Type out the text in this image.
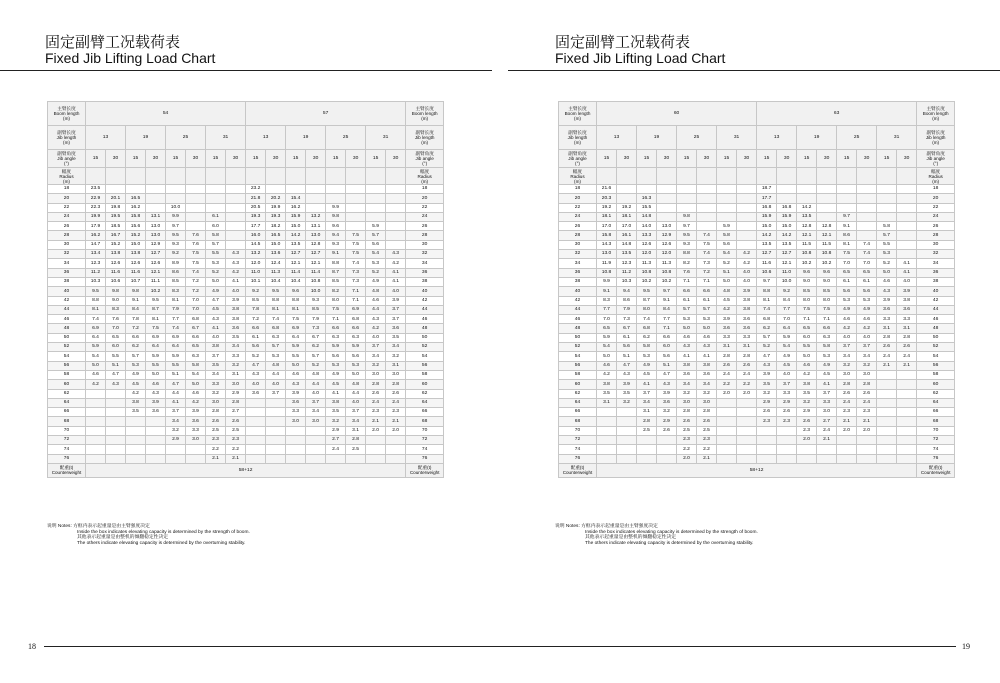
固定副臂工况载荷表
Fixed Jib Lifting Load Chart
主臂长度
Boom length
(m)	54								57								主臂长度
Boom length
(m)
副臂长度
Jib length
(m)	13		19		25		31		13		19		25		31		副臂长度
Jib length
(m)
副臂角度
Jib angle
(°)	15	30	15	30	15	30	15	30	15	30	15	30	15	30	15	30	副臂角度
Jib angle
(°)
幅度
Radius
(m)																	幅度
Radius
(m)
18	23.5								23.2								18
20	22.9	20.1	16.5						21.8	20.2	15.4						20
22	22.3	19.8	16.2		10.0				20.5	19.9	16.2		9.9				22
24	19.9	19.5	15.8	13.1	9.9		6.1		19.3	19.3	15.9	13.2	9.8				24
26	17.9	18.5	15.6	13.0	9.7		6.0		17.7	18.2	15.0	13.1	9.6		5.9		26
28	16.2	16.7	15.2	13.0	9.5	7.6	5.8		16.0	16.5	14.2	13.0	9.4	7.5	5.7		28
30	14.7	15.2	15.0	12.9	9.3	7.6	5.7		14.5	15.0	13.5	12.8	9.3	7.5	5.6		30
32	13.4	13.8	13.8	12.7	9.2	7.5	5.5	4.3	13.2	13.6	12.7	12.7	9.1	7.5	5.4	4.3	32
34	12.3	12.6	12.6	12.6	8.9	7.5	5.3	4.3	12.0	12.4	12.1	12.1	8.8	7.4	5.3	4.2	34
36	11.2	11.6	11.6	12.1	8.6	7.4	5.2	4.2	11.0	11.3	11.4	11.4	8.7	7.3	5.2	4.1	36
38	10.3	10.6	10.7	11.1	8.5	7.2	5.0	4.1	10.1	10.4	10.4	10.8	8.5	7.3	4.9	4.1	38
40	9.5	9.8	9.8	10.2	8.3	7.2	4.9	4.0	9.2	9.5	9.6	10.0	8.2	7.1	4.8	4.0	40
42	8.8	9.0	9.1	9.5	8.1	7.0	4.7	3.9	8.5	8.8	8.8	9.3	8.0	7.1	4.6	3.9	42
44	8.1	8.3	8.4	8.7	7.9	7.0	4.5	3.8	7.8	8.1	8.1	8.5	7.5	6.9	4.4	3.7	44
46	7.4	7.6	7.8	8.1	7.7	6.8	4.3	3.8	7.2	7.4	7.5	7.9	7.1	6.8	4.3	3.7	46
48	6.9	7.0	7.2	7.5	7.4	6.7	4.1	3.6	6.6	6.8	6.9	7.3	6.6	6.6	4.2	3.6	48
50	6.4	6.5	6.6	6.9	6.9	6.6	4.0	3.5	6.1	6.3	6.4	6.7	6.3	6.3	4.0	3.5	50
52	5.9	6.0	6.2	6.4	6.4	6.5	3.8	3.4	5.6	5.7	5.9	6.2	5.9	5.9	3.7	3.4	52
54	5.4	5.5	5.7	5.9	5.9	6.3	3.7	3.3	5.2	5.3	5.5	5.7	5.6	5.6	3.4	3.2	54
56	5.0	5.1	5.3	5.5	5.5	5.8	3.5	3.2	4.7	4.8	5.0	5.2	5.3	5.3	3.2	3.1	56
58	4.6	4.7	4.9	5.0	5.1	5.4	3.4	3.1	4.3	4.4	4.6	4.8	4.9	5.0	3.0	3.0	58
60	4.2	4.3	4.5	4.6	4.7	5.0	3.3	3.0	4.0	4.0	4.3	4.4	4.5	4.8	2.8	2.8	60
62			4.2	4.3	4.4	4.6	3.2	2.9	3.6	3.7	3.9	4.0	4.1	4.4	2.6	2.6	62
64			3.8	3.9	4.1	4.2	3.0	2.8			3.6	3.7	3.8	4.0	2.4	2.4	64
66			3.5	3.6	3.7	3.9	2.8	2.7			3.3	3.4	3.5	3.7	2.3	2.3	66
68					3.4	3.6	2.6	2.6			3.0	3.0	3.2	3.4	2.1	2.1	68
70					3.2	3.3	2.5	2.5					2.9	3.1	2.0	2.0	70
72					2.9	3.0	2.3	2.3					2.7	2.8			72
74							2.2	2.2					2.4	2.5			74
76							2.1	2.1									76
配重(t)
Counterweight	58+12																配重(t)
Counterweight
说明 Notes: 方框内表示起重量是由主臂强度决定
Inside the box indicates elevating capacity is determined by the strength of boom.
其他表示起重量是由整机的倾翻稳定性决定
The others indicate elevating capacity is determined by the overturning stability.
18
固定副臂工况载荷表
Fixed Jib Lifting Load Chart
主臂长度
Boom length
(m)	60								63								主臂长度
Boom length
(m)
副臂长度
Jib length
(m)	13		19		25		31		13		19		25		31		副臂长度
Jib length
(m)
副臂角度
Jib angle
(°)	15	30	15	30	15	30	15	30	15	30	15	30	15	30	15	30	副臂角度
Jib angle
(°)
幅度
Radius
(m)																	幅度
Radius
(m)
18	21.6								18.7								18
20	20.3		16.3						17.7								20
22	19.2	19.2	15.5						16.8	16.8	14.2						22
24	18.1	18.1	14.8		9.8				15.9	15.9	13.5		9.7				24
26	17.0	17.0	14.0	13.0	9.7		5.9		15.0	15.0	12.8	12.8	9.1		5.8		26
28	15.8	16.1	13.3	12.9	9.5	7.4	5.8		14.2	14.2	12.1	12.1	8.6		5.7		28
30	14.3	14.8	12.6	12.6	9.3	7.5	5.6		13.5	13.5	11.5	11.5	8.1	7.4	5.5		30
32	13.0	13.5	12.0	12.0	8.8	7.4	5.4	4.2	12.7	12.7	10.8	10.8	7.5	7.4	5.3		32
34	11.9	12.3	11.3	11.3	8.2	7.3	5.2	4.2	11.6	12.1	10.2	10.2	7.0	7.0	5.2	4.1	34
36	10.8	11.2	10.8	10.8	7.6	7.2	5.1	4.0	10.6	11.0	9.6	9.6	6.5	6.5	5.0	4.1	36
38	9.9	10.3	10.2	10.2	7.1	7.1	5.0	4.0	9.7	10.0	9.0	9.0	6.1	6.1	4.6	4.0	38
40	9.1	9.4	9.5	9.7	6.6	6.6	4.8	3.9	8.8	9.2	8.5	8.5	5.6	5.6	4.3	3.9	40
42	8.3	8.6	8.7	9.1	6.1	6.1	4.5	3.8	8.1	8.4	8.0	8.0	5.3	5.3	3.9	3.8	42
44	7.7	7.9	8.0	8.4	5.7	5.7	4.2	3.8	7.4	7.7	7.5	7.5	4.9	4.9	3.6	3.6	44
46	7.0	7.3	7.4	7.7	5.3	5.3	3.9	3.6	6.8	7.0	7.1	7.1	4.6	4.6	3.3	3.3	46
48	6.5	6.7	6.8	7.1	5.0	5.0	3.6	3.6	6.2	6.4	6.5	6.6	4.2	4.2	3.1	3.1	48
50	5.9	6.1	6.2	6.6	4.6	4.6	3.3	3.3	5.7	5.9	6.0	6.3	4.0	4.0	2.8	2.8	50
52	5.4	5.6	5.8	6.0	4.3	4.3	3.1	3.1	5.2	5.4	5.5	5.8	3.7	3.7	2.6	2.6	52
54	5.0	5.1	5.3	5.6	4.1	4.1	2.8	2.8	4.7	4.9	5.0	5.3	3.4	3.4	2.4	2.4	54
56	4.6	4.7	4.9	5.1	3.8	3.8	2.6	2.6	4.3	4.5	4.6	4.9	3.2	3.2	2.1	2.1	56
58	4.2	4.3	4.5	4.7	3.6	3.6	2.4	2.4	3.9	4.0	4.2	4.5	3.0	3.0			58
60	3.8	3.9	4.1	4.3	3.4	3.4	2.2	2.2	3.5	3.7	3.8	4.1	2.8	2.8			60
62	3.5	3.5	3.7	3.9	3.2	3.2	2.0	2.0	3.2	3.3	3.5	3.7	2.6	2.6			62
64	3.1	3.2	3.4	3.6	3.0	3.0			2.9	2.9	3.2	3.3	2.4	2.4			64
66			3.1	3.2	2.8	2.8			2.6	2.6	2.9	3.0	2.3	2.3			66
68			2.8	2.9	2.6	2.6			2.3	2.3	2.6	2.7	2.1	2.1			68
70			2.5	2.6	2.5	2.5					2.3	2.4	2.0	2.0			70
72					2.3	2.3					2.0	2.1					72
74					2.2	2.2											74
76					2.0	2.1											76
配重(t)
Counterweight	58+12																配重(t)
Counterweight
19
说明 Notes: 方框内表示起重量是由主臂强度决定
Inside the box indicates elevating capacity is determined by the strength of boom.
其他表示起重量是由整机的倾翻稳定性决定
The others indicate elevating capacity is determined by the overturning stability.
